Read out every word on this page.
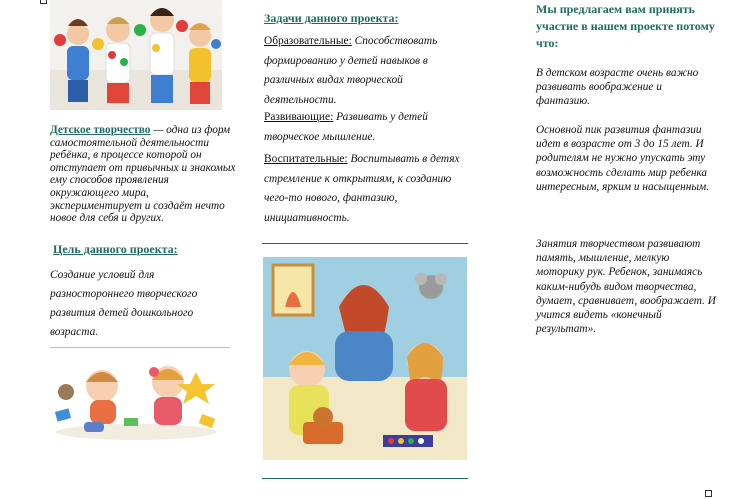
Детское творчество — одна из форм самостоятельной деятельности ребёнка, в процессе которой он отступает от привычных и знакомых ему способов проявления окружающего мира, экспериментирует и создаёт нечто новое для себя и других.
Цель данного проекта:
Создание условий для разностороннего творческого развития детей дошкольного возраста.
Задачи данного проекта:
Образовательные: Способствовать формированию у детей навыков в различных видах творческой деятельности.
Развивающие: Развивать у детей творческое мышление.
Воспитательные: Воспитывать в детях стремление к открытиям, к созданию чего-то нового, фантазию, инициативность.
Мы предлагаем вам принять участие в нашем проекте потому что:
В детском возрасте очень важно развивать воображение и фантазию.
Основной пик развития фантазии идет в возрасте от 3 до 15 лет. И родителям не нужно упускать эту возможность сделать мир ребенка интересным, ярким и насыщенным.
Занятия творчеством развивают память, мышление, мелкую моторику рук. Ребенок, занимаясь каким-нибудь видом творчества, думает, сравнивает, воображает. И учится видеть «конечный результат».
